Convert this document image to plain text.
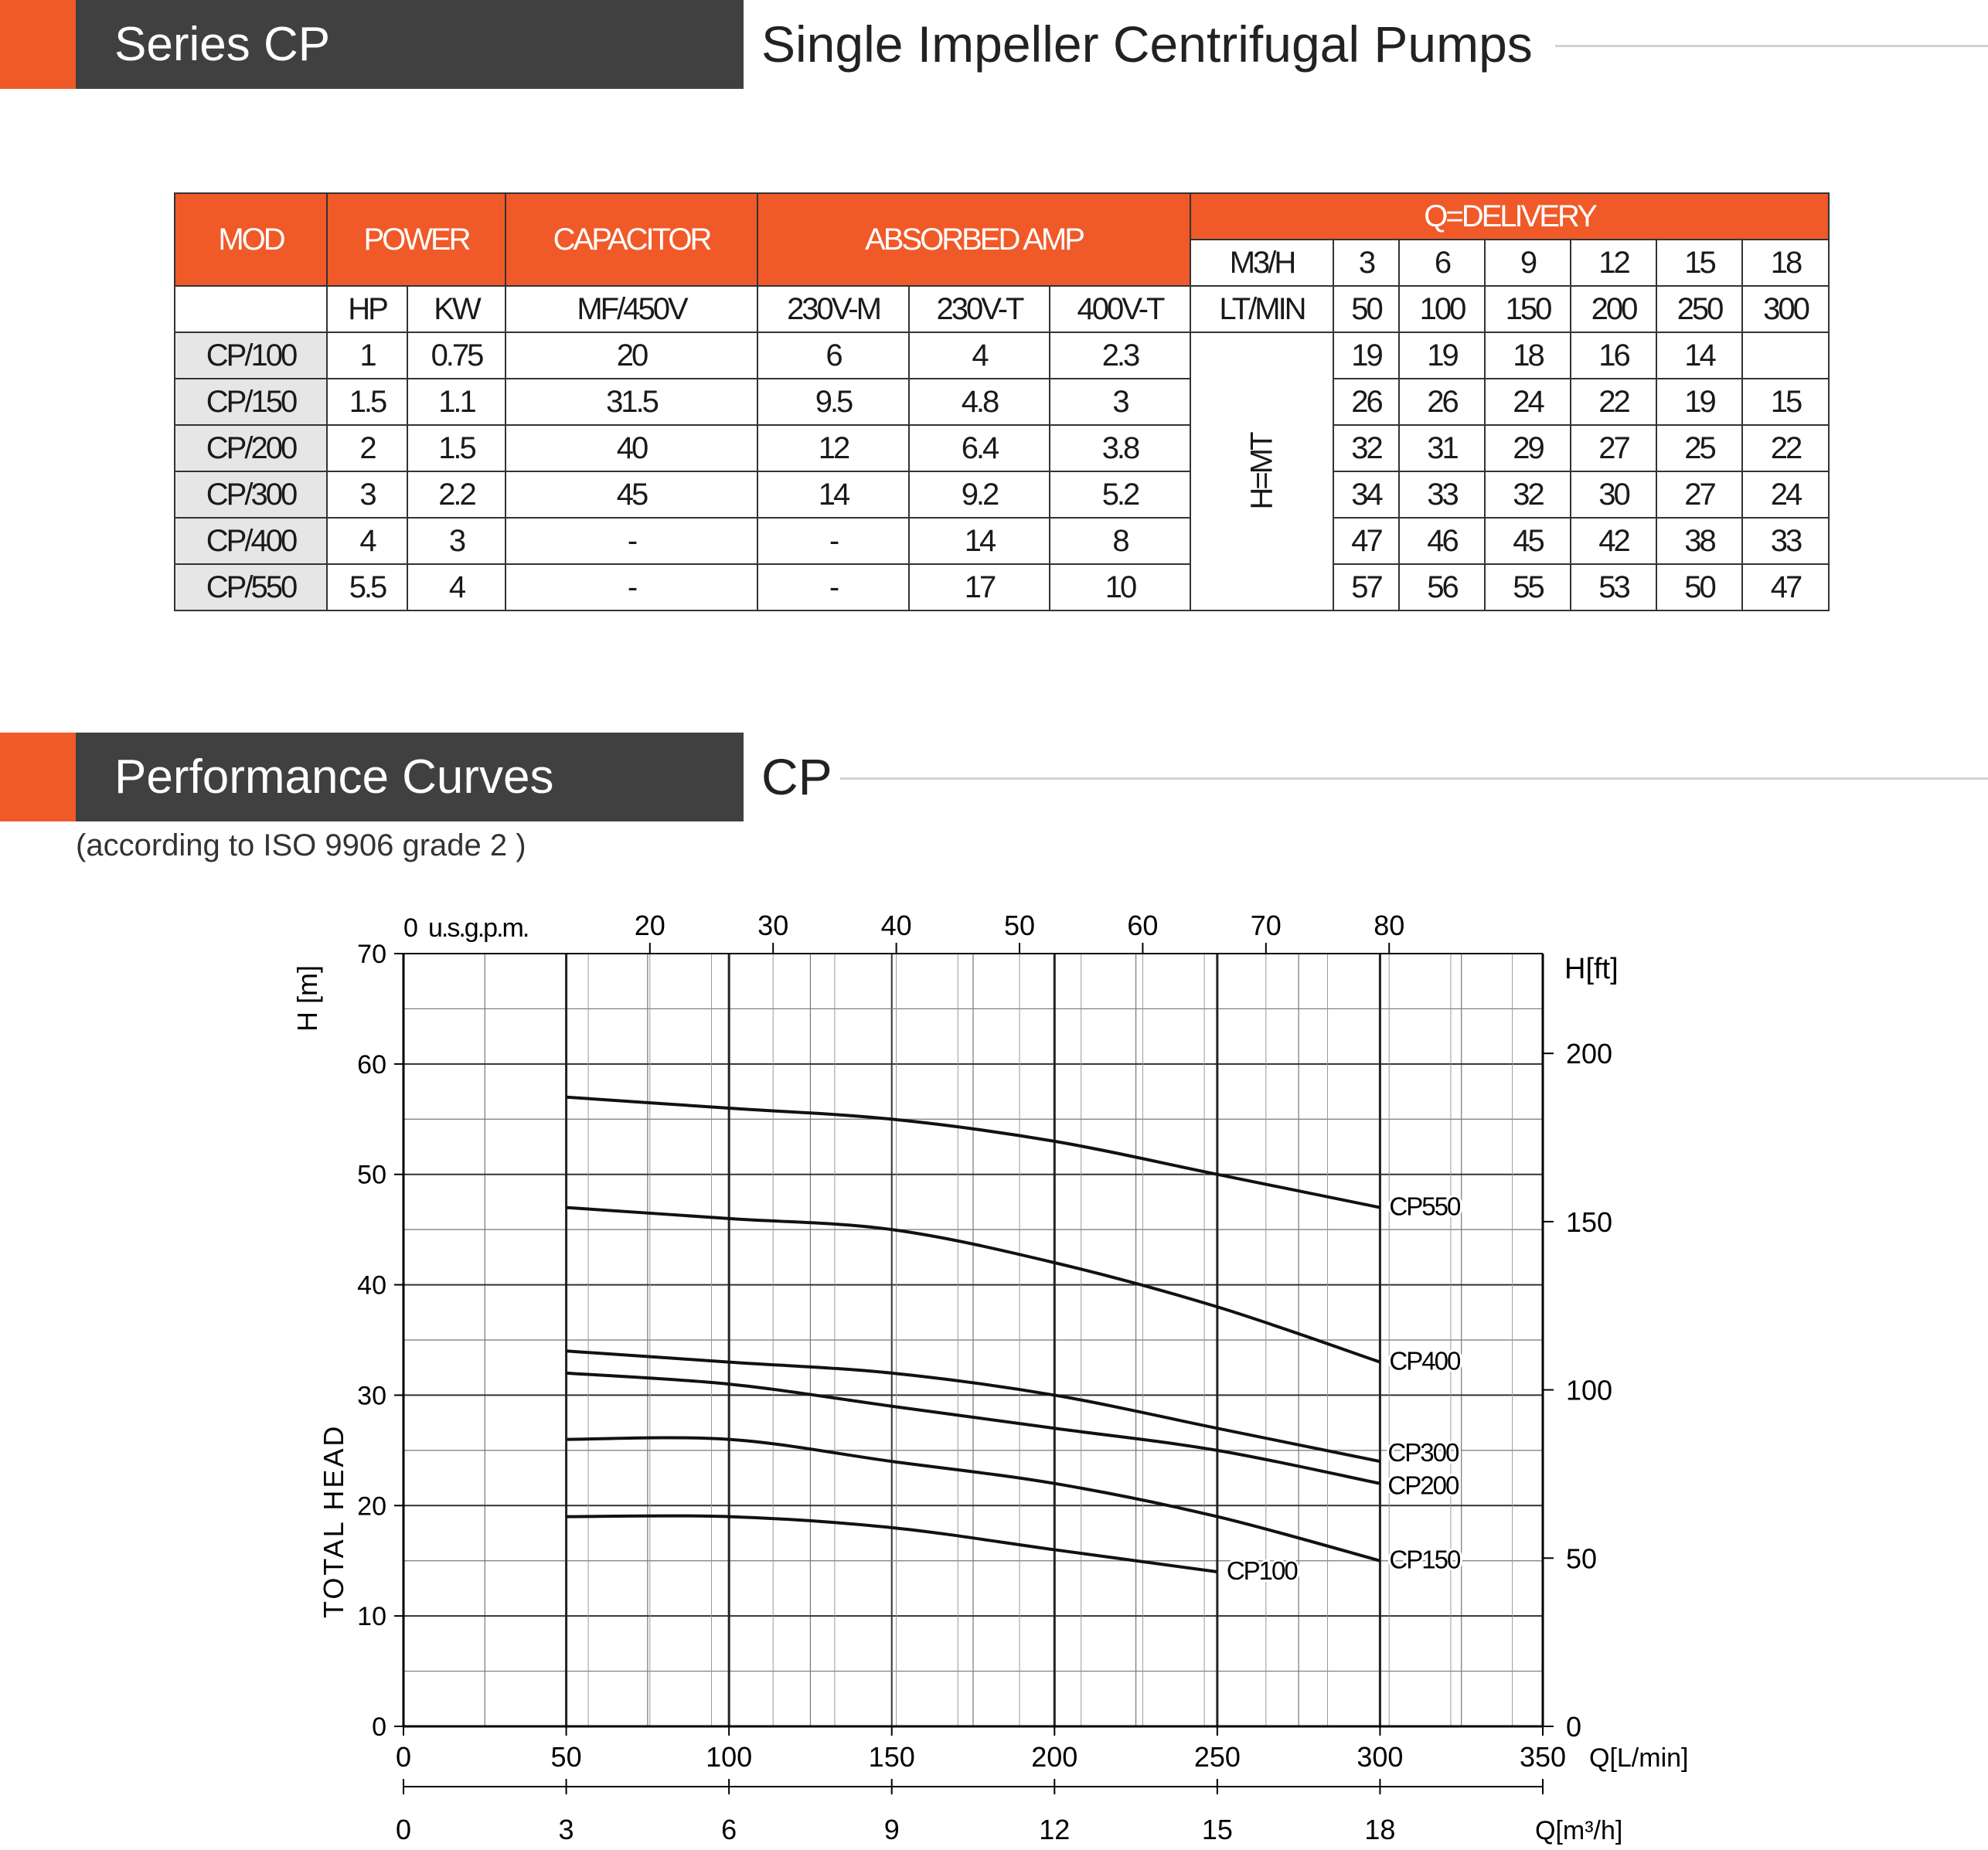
Series CP	Single Impeller Centrifugal Pumps
MOD	POWER		CAPACITOR	ABSORBED AMP			Q=DELIVERY						
							M3/H	3	6	9	12	15	18
	HP	KW	MF/450V	230V-M	230V-T	400V-T	LT/MIN	50	100	150	200	250	300
CP/100	1	0.75	20	6	4	2.3	H=MT	19	19	18	16	14	
CP/150	1.5	1.1	31.5	9.5	4.8	3		26	26	24	22	19	15
CP/200	2	1.5	40	12	6.4	3.8		32	31	29	27	25	22
CP/300	3	2.2	45	14	9.2	5.2		34	33	32	30	27	24
CP/400	4	3	-	-	14	8		47	46	45	42	38	33
CP/550	5.5	4	-	-	17	10		57	56	55	53	50	47
Performance Curves	CP
(according to ISO 9906 grade 2 )
0
10
20
30
40
50
60
70
0
50
100
150
200
0	50	100	150	200	250	300	350
0	3	6	9	12	15	18
0	20	30	40	50	60	70	80
u.s.g.p.m.
Q[L/min]
Q[m³/h]
H[ft]
TOTAL HEAD
H [m]
CP100	CP150
CP200
CP300
CP400
CP550
